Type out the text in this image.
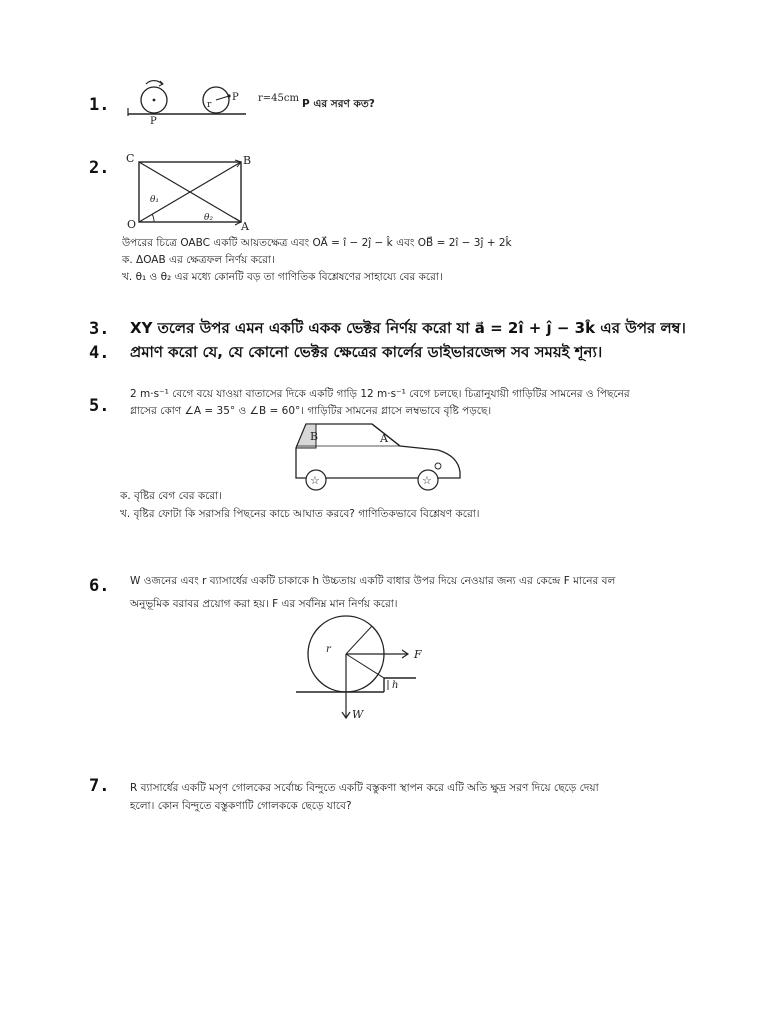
1.	r
P
P
r=45cm P এর সরণ কত?
2. C	B
O	A
θ₁
θ₂
উপরের চিত্রে OABC একটি আয়তক্ষেত্র এবং OA⃗ = î − 2ĵ − k̂ এবং OB⃗ = 2î − 3ĵ + 2k̂
ক. ΔOAB এর ক্ষেত্রফল নির্ণয় করো।
খ. θ₁ ও θ₂ এর মধ্যে কোনটি বড় তা গাণিতিক বিশ্লেষণের সাহায্যে বের করো।
3. XY তলের উপর এমন একটি একক ভেক্টর নির্ণয় করো যা a⃗ = 2î + ĵ − 3k̂ এর উপর লম্ব।
4. প্রমাণ করো যে, যে কোনো ভেক্টর ক্ষেত্রের কার্লের ডাইভারজেন্স সব সময়ই শূন্য।
5.
2 m·s⁻¹ বেগে বয়ে যাওয়া বাতাসের দিকে একটি গাড়ি 12 m·s⁻¹ বেগে চলছে। চিত্রানুযায়ী গাড়িটির সামনের ও পিছনের
গ্লাসের কোণ ∠A = 35° ও ∠B = 60°। গাড়িটির সামনের গ্লাসে লম্বভাবে বৃষ্টি পড়ছে।
☆	☆
B	A
ক. বৃষ্টির বেগ বের করো।
খ. বৃষ্টির ফোটা কি সরাসরি পিছনের কাচে আঘাত করবে? গাণিতিকভাবে বিশ্লেষণ করো।
6. W ওজনের এবং r ব্যাসার্ধের একটি চাকাকে h উচ্চতায় একটি বাধার উপর দিয়ে নেওয়ার জন্য এর কেন্দ্রে F মানের বল
অনুভূমিক বরাবর প্রয়োগ করা হয়। F এর সর্বনিম্ন মান নির্ণয় করো।
r	F
h
W
7. R ব্যাসার্ধের একটি মসৃণ গোলকের সর্বোচ্চ বিন্দুতে একটি বস্তুকণা স্থাপন করে এটি অতি ক্ষুদ্র সরণ দিয়ে ছেড়ে দেয়া
হলো। কোন বিন্দুতে বস্তুকণাটি গোলককে ছেড়ে যাবে?
